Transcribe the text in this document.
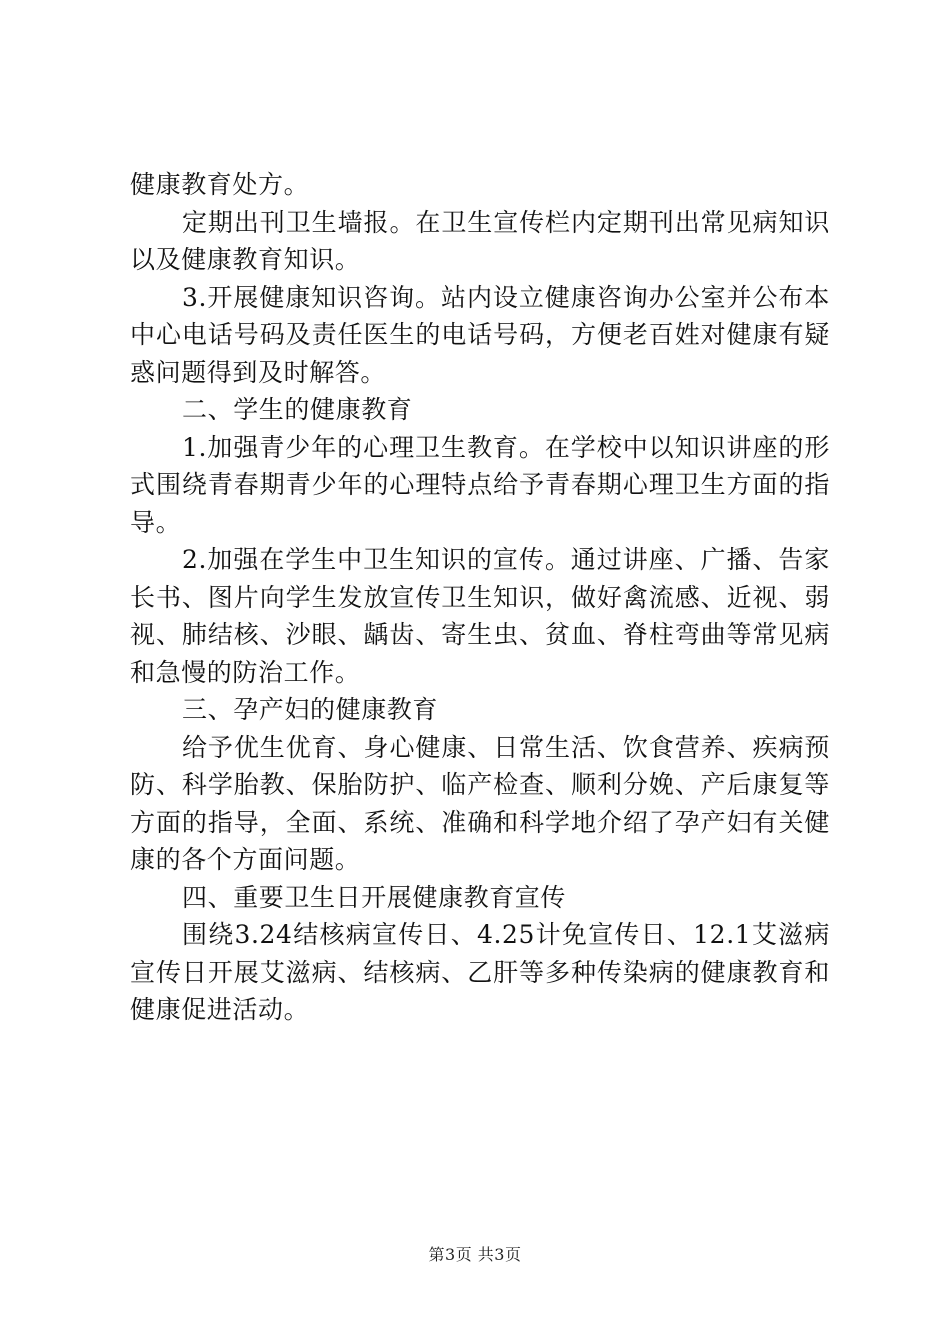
健康教育处方。

定期出刊卫生墙报。在卫生宣传栏内定期刊出常见病知识以及健康教育知识。

3.开展健康知识咨询。站内设立健康咨询办公室并公布本中心电话号码及责任医生的电话号码，方便老百姓对健康有疑惑问题得到及时解答。

二、学生的健康教育

1.加强青少年的心理卫生教育。在学校中以知识讲座的形式围绕青春期青少年的心理特点给予青春期心理卫生方面的指导。

2.加强在学生中卫生知识的宣传。通过讲座、广播、告家长书、图片向学生发放宣传卫生知识，做好禽流感、近视、弱视、肺结核、沙眼、龋齿、寄生虫、贫血、脊柱弯曲等常见病和急慢的防治工作。

三、孕产妇的健康教育

给予优生优育、身心健康、日常生活、饮食营养、疾病预防、科学胎教、保胎防护、临产检查、顺利分娩、产后康复等方面的指导，全面、系统、准确和科学地介绍了孕产妇有关健康的各个方面问题。

四、重要卫生日开展健康教育宣传

围绕3.24结核病宣传日、4.25计免宣传日、12.1艾滋病宣传日开展艾滋病、结核病、乙肝等多种传染病的健康教育和健康促进活动。

第3页 共3页
